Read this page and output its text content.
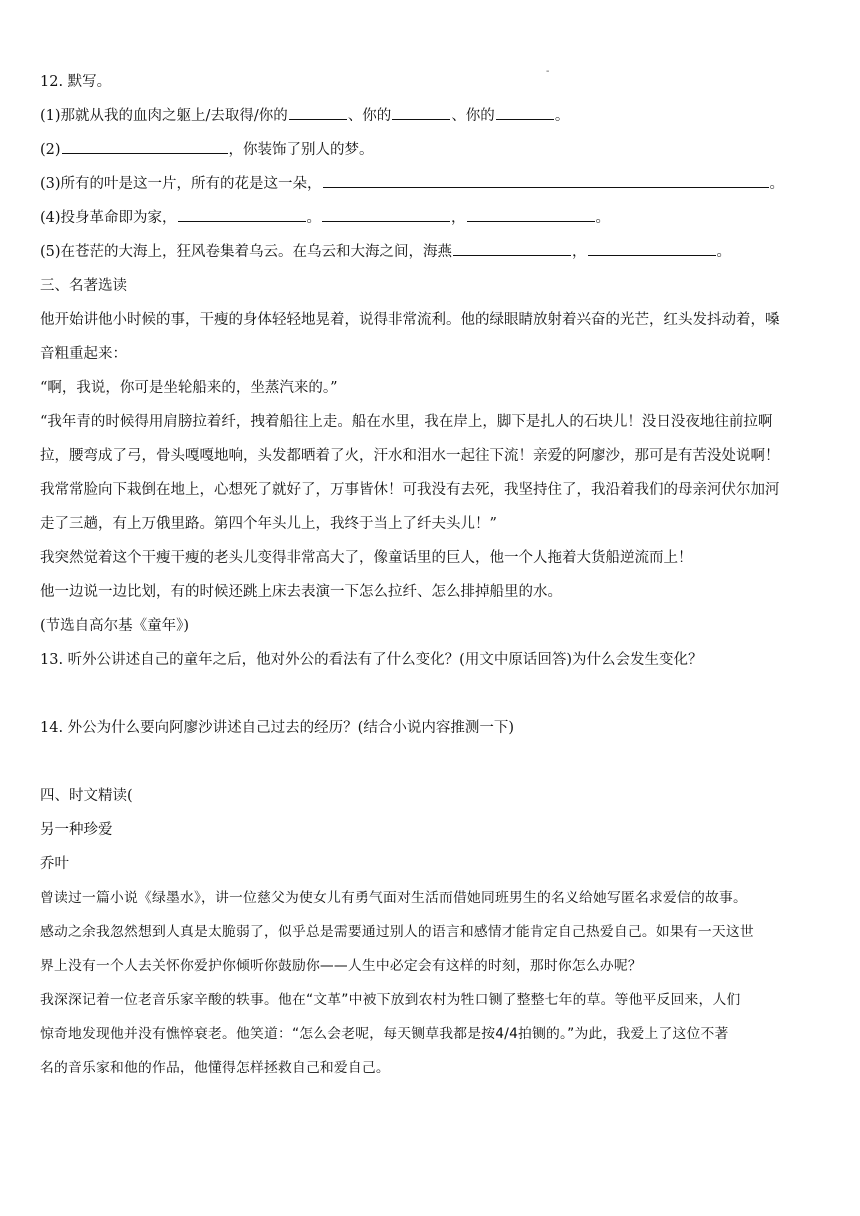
-
12. 默写。
(1)那就从我的血肉之躯上/去取得/你的	、你的	、你的	。
(2)	，你装饰了别人的梦。
(3)所有的叶是这一片，所有的花是这一朵，	。
(4)投身革命即为家，	。	，	。
(5)在苍茫的大海上，狂风卷集着乌云。在乌云和大海之间，海燕	，	。
三、名著选读
他开始讲他小时候的事，干瘦的身体轻轻地晃着，说得非常流利。他的绿眼睛放射着兴奋的光芒，红头发抖动着，嗓
音粗重起来：
“啊，我说，你可是坐轮船来的，坐蒸汽来的。”
“我年青的时候得用肩膀拉着纤，拽着船往上走。船在水里，我在岸上，脚下是扎人的石块儿！没日没夜地往前拉啊
拉，腰弯成了弓，骨头嘎嘎地响，头发都晒着了火，汗水和泪水一起往下流！亲爱的阿廖沙，那可是有苦没处说啊！
我常常脸向下栽倒在地上，心想死了就好了，万事皆休！可我没有去死，我坚持住了，我沿着我们的母亲河伏尔加河
走了三趟，有上万俄里路。第四个年头儿上，我终于当上了纤夫头儿！”
我突然觉着这个干瘦干瘦的老头儿变得非常高大了，像童话里的巨人，他一个人拖着大货船逆流而上！
他一边说一边比划，有的时候还跳上床去表演一下怎么拉纤、怎么排掉船里的水。
(节选自高尔基《童年》)
13. 听外公讲述自己的童年之后，他对外公的看法有了什么变化？(用文中原话回答)为什么会发生变化？
14. 外公为什么要向阿廖沙讲述自己过去的经历？(结合小说内容推测一下)
四、时文精读(
另一种珍爱
乔叶
曾读过一篇小说《绿墨水》，讲一位慈父为使女儿有勇气面对生活而借她同班男生的名义给她写匿名求爱信的故事。
感动之余我忽然想到人真是太脆弱了，似乎总是需要通过别人的语言和感情才能肯定自己热爱自己。如果有一天这世
界上没有一个人去关怀你爱护你倾听你鼓励你——人生中必定会有这样的时刻，那时你怎么办呢？
我深深记着一位老音乐家辛酸的轶事。他在“文革”中被下放到农村为牲口铡了整整七年的草。等他平反回来，人们
惊奇地发现他并没有憔悴衰老。他笑道：“怎么会老呢，每天铡草我都是按4/4拍铡的。”为此，我爱上了这位不著
名的音乐家和他的作品，他懂得怎样拯救自己和爱自己。
